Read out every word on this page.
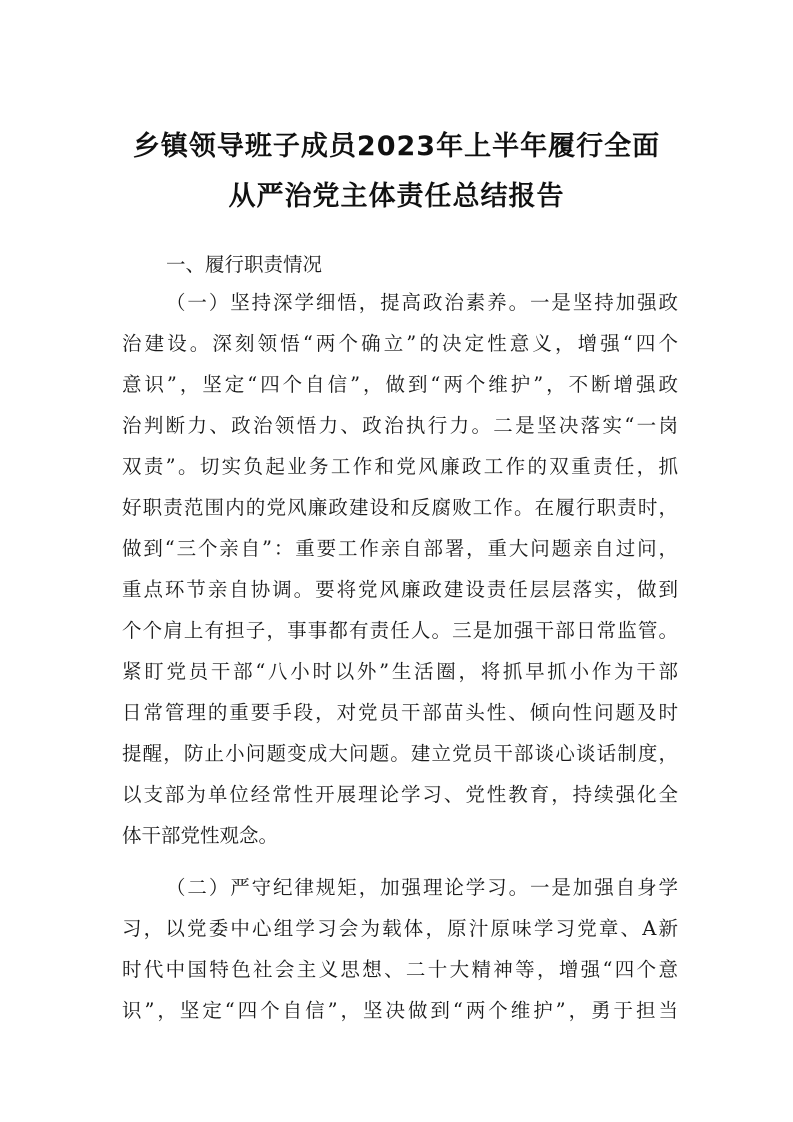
乡镇领导班子成员2023年上半年履行全面
从严治党主体责任总结报告
一、履行职责情况
（一）坚持深学细悟，提高政治素养。一是坚持加强政
治建设。深刻领悟“两个确立”的决定性意义，增强“四个
意识”，坚定“四个自信”，做到“两个维护”，不断增强政
治判断力、政治领悟力、政治执行力。二是坚决落实“一岗
双责”。切实负起业务工作和党风廉政工作的双重责任，抓
好职责范围内的党风廉政建设和反腐败工作。在履行职责时，
做到“三个亲自”：重要工作亲自部署，重大问题亲自过问，
重点环节亲自协调。要将党风廉政建设责任层层落实，做到
个个肩上有担子，事事都有责任人。三是加强干部日常监管。
紧盯党员干部“八小时以外”生活圈，将抓早抓小作为干部
日常管理的重要手段，对党员干部苗头性、倾向性问题及时
提醒，防止小问题变成大问题。建立党员干部谈心谈话制度，
以支部为单位经常性开展理论学习、党性教育，持续强化全
体干部党性观念。
（二）严守纪律规矩，加强理论学习。一是加强自身学
习，以党委中心组学习会为载体，原汁原味学习党章、A新
时代中国特色社会主义思想、二十大精神等，增强“四个意
识”，坚定“四个自信”，坚决做到“两个维护”，勇于担当
